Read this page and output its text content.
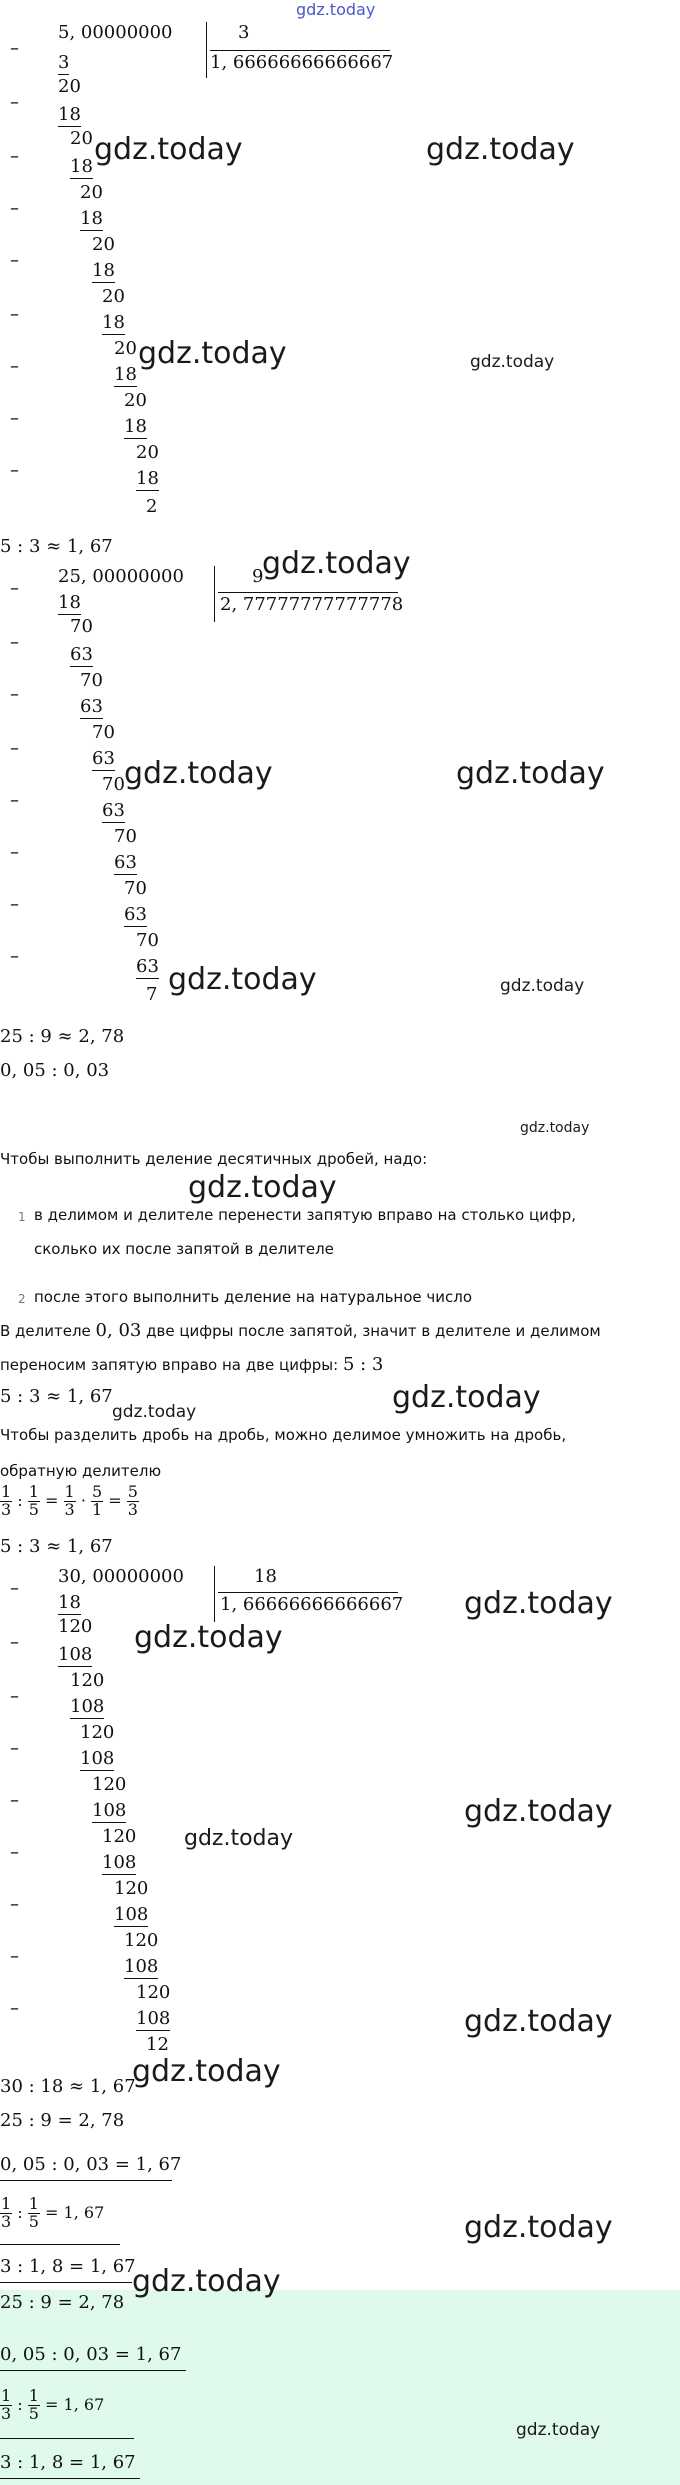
gdz.today
5, 00000000	3
1, 66666666666667
–
3
20
–
18
20
–	18
20
–	18
20
–	18
20
–	18
20
–	18
20
–	18
20
–	18
2
5 : 3 ≈ 1, 67
gdz.today	gdz.today
gdz.today	gdz.today
25, 00000000	9
2, 77777777777778
–
18
70
–
63
70
–
63
70
–	63
70
–	63
70
–	63
70
–	63
70
–	63
7
25 : 9 ≈ 2, 78
0, 05 : 0, 03
gdz.today
gdz.today	gdz.today
gdz.today	gdz.today
gdz.today
Чтобы выполнить деление десятичных дробей, надо:
gdz.today
1 в делимом и делителе перенести запятую вправо на столько цифр,
сколько их после запятой в делителе
2 после этого выполнить деление на натуральное число
В делителе 0, 03 две цифры после запятой, значит в делителе и делимом
переносим запятую вправо на две цифры: 5 : 3
5 : 3 ≈ 1, 67
gdz.today	gdz.today
Чтобы разделить дробь на дробь, можно делимое умножить на дробь,
обратную делителю
$\frac{1}{3}$ : $\frac{1}{5} = \frac{1}{3} \cdot \frac{5}{1} = \frac{5}{3}$
5 : 3 ≈ 1, 67
30, 00000000	18
1, 66666666666667
–
18
120
–
108
120
–	108
120
–	108
120
–	108
120
–	108
120
–	108
120
–	108
120
–	108
12
30 : 18 ≈ 1, 67
gdz.today
gdz.today
gdz.today
gdz.today
gdz.today
gdz.today
25 : 9 = 2, 78
0, 05 : 0, 03 = 1, 67
$\frac{1}{3}$ : $\frac{1}{5} = 1$, 67
3 : 1, 8 = 1, 67
gdz.today
25 : 9 = 2, 78
0, 05 : 0, 03 = 1, 67
$\frac{1}{3}$ : $\frac{1}{5} = 1$, 67
3 : 1, 8 = 1, 67
gdz.today
gdz.today
